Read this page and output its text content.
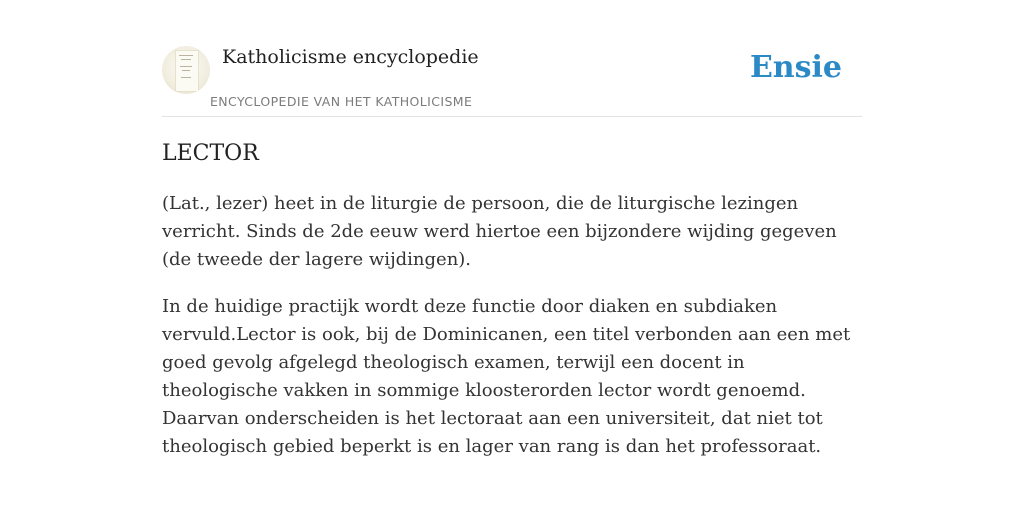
Katholicisme encyclopedie
ENCYCLOPEDIE VAN HET KATHOLICISME
Ensie
LECTOR

(Lat., lezer) heet in de liturgie de persoon, die de liturgische lezingen verricht. Sinds de 2de eeuw werd hiertoe een bijzondere wijding gegeven (de tweede der lagere wijdingen).

In de huidige practijk wordt deze functie door diaken en subdiaken vervuld.Lector is ook, bij de Dominicanen, een titel verbonden aan een met goed gevolg afgelegd theologisch examen, terwijl een docent in theologische vakken in sommige kloosterorden lector wordt genoemd. Daarvan onderscheiden is het lectoraat aan een universiteit, dat niet tot theologisch gebied beperkt is en lager van rang is dan het professoraat.
